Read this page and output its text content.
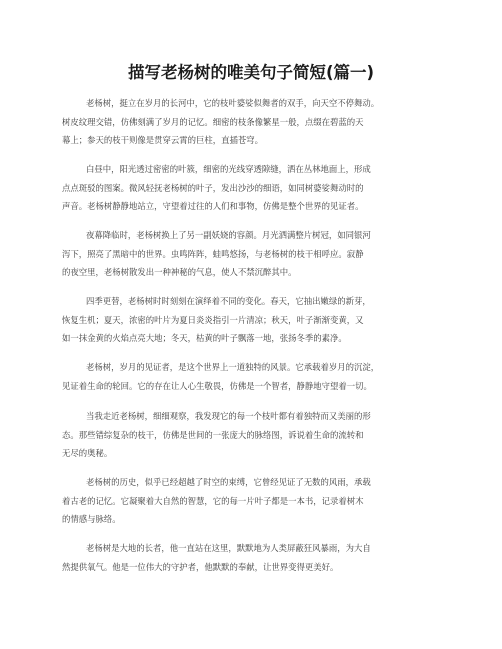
描写老杨树的唯美句子简短(篇一)

老杨树，挺立在岁月的长河中，它的枝叶婆娑似舞者的双手，向天空不停舞动。
树皮纹理交错，仿佛刻满了岁月的记忆。细密的枝条像繁星一般，点缀在碧蓝的天
幕上；参天的枝干则像是贯穿云霄的巨柱，直插苍穹。

白昼中，阳光透过密密的叶簇，细密的光线穿透隙缝，洒在丛林地面上，形成
点点斑驳的图案。微风轻抚老杨树的叶子，发出沙沙的细语，如同树婆娑舞动时的
声音。老杨树静静地站立，守望着过往的人们和事物，仿佛是整个世界的见证者。

夜幕降临时，老杨树换上了另一副妖娆的容颜。月光洒满整片树冠，如同银河
泻下，照亮了黑暗中的世界。虫鸣阵阵，蛙鸣悠扬，与老杨树的枝干相呼应。寂静
的夜空里，老杨树散发出一种神秘的气息，使人不禁沉醉其中。

四季更替，老杨树时时刻刻在演绎着不同的变化。春天，它抽出嫩绿的新芽，
恢复生机；夏天，浓密的叶片为夏日炎炎指引一片清凉；秋天，叶子渐渐变黄，又
如一抹金黄的火焰点亮大地；冬天，枯黄的叶子飘落一地，张扬冬季的素净。

老杨树，岁月的见证者，是这个世界上一道独特的风景。它承载着岁月的沉淀，
见证着生命的轮回。它的存在让人心生敬畏，仿佛是一个智者，静静地守望着一切。

当我走近老杨树，细细观察，我发现它的每一个枝叶都有着独特而又美丽的形
态。那些错综复杂的枝干，仿佛是世间的一张庞大的脉络图，诉说着生命的流转和
无尽的奥秘。

老杨树的历史，似乎已经超越了时空的束缚，它曾经见证了无数的风雨，承载
着古老的记忆。它凝聚着大自然的智慧，它的每一片叶子都是一本书，记录着树木
的情感与脉络。

老杨树是大地的长者，他一直站在这里，默默地为人类屏蔽狂风暴雨，为大自
然提供氧气。他是一位伟大的守护者，他默默的奉献，让世界变得更美好。
